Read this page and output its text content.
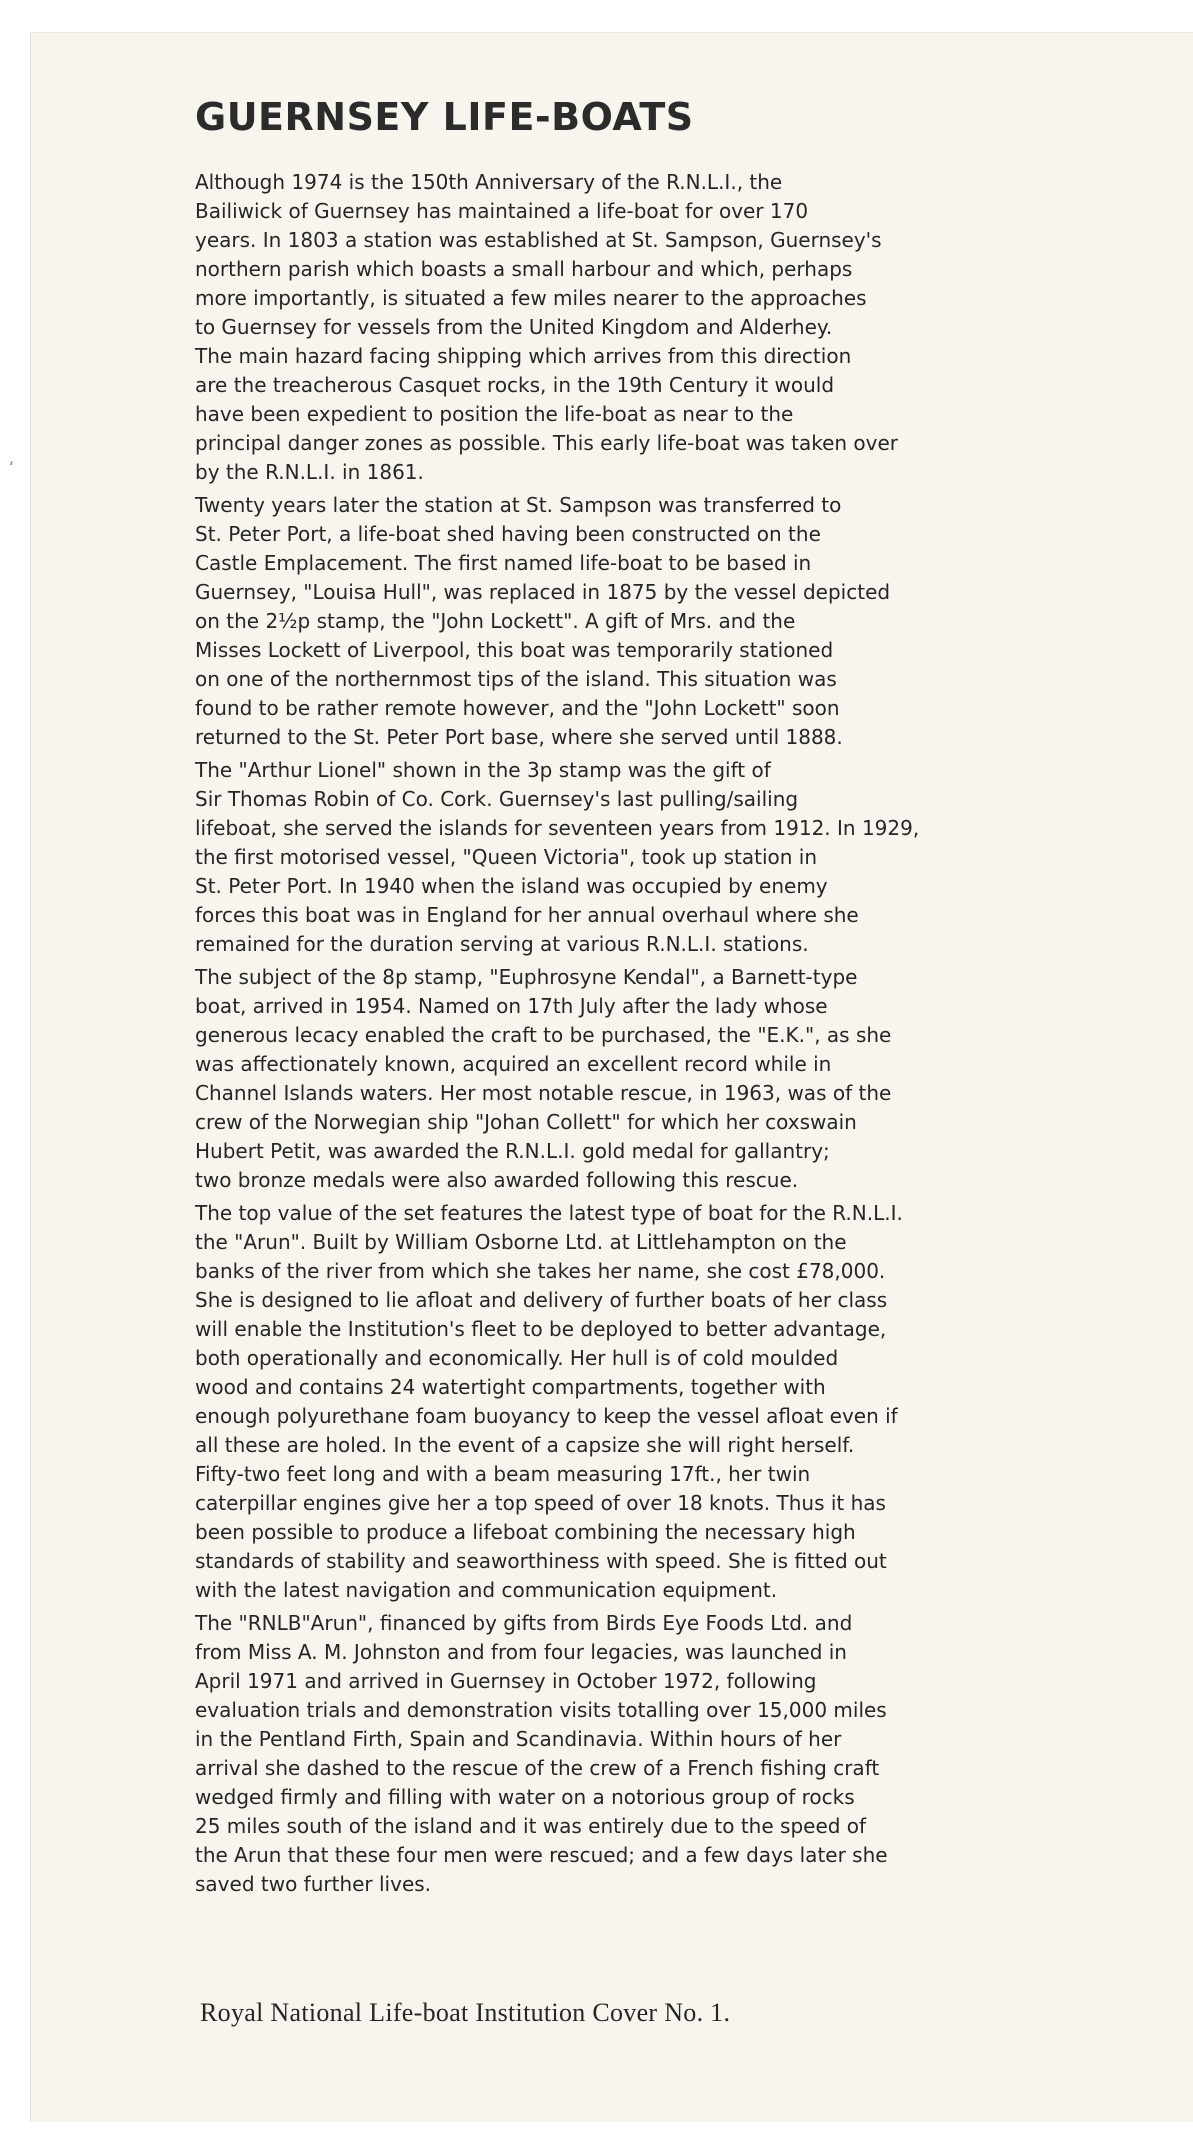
ʻ
GUERNSEY LIFE-BOATS

Although 1974 is the 150th Anniversary of the R.N.L.I., the
Bailiwick of Guernsey has maintained a life-boat for over 170
years. In 1803 a station was established at St. Sampson, Guernsey's
northern parish which boasts a small harbour and which, perhaps
more importantly, is situated a few miles nearer to the approaches
to Guernsey for vessels from the United Kingdom and Alderhey.
The main hazard facing shipping which arrives from this direction
are the treacherous Casquet rocks, in the 19th Century it would
have been expedient to position the life-boat as near to the
principal danger zones as possible. This early life-boat was taken over
by the R.N.L.I. in 1861.

Twenty years later the station at St. Sampson was transferred to
St. Peter Port, a life-boat shed having been constructed on the
Castle Emplacement. The first named life-boat to be based in
Guernsey, "Louisa Hull", was replaced in 1875 by the vessel depicted
on the 2½p stamp, the "John Lockett". A gift of Mrs. and the
Misses Lockett of Liverpool, this boat was temporarily stationed
on one of the northernmost tips of the island. This situation was
found to be rather remote however, and the "John Lockett" soon
returned to the St. Peter Port base, where she served until 1888.

The "Arthur Lionel" shown in the 3p stamp was the gift of
Sir Thomas Robin of Co. Cork. Guernsey's last pulling/sailing
lifeboat, she served the islands for seventeen years from 1912. In 1929,
the first motorised vessel, "Queen Victoria", took up station in
St. Peter Port. In 1940 when the island was occupied by enemy
forces this boat was in England for her annual overhaul where she
remained for the duration serving at various R.N.L.I. stations.

The subject of the 8p stamp, "Euphrosyne Kendal", a Barnett-type
boat, arrived in 1954. Named on 17th July after the lady whose
generous lecacy enabled the craft to be purchased, the "E.K.", as she
was affectionately known, acquired an excellent record while in
Channel Islands waters. Her most notable rescue, in 1963, was of the
crew of the Norwegian ship "Johan Collett" for which her coxswain
Hubert Petit, was awarded the R.N.L.I. gold medal for gallantry;
two bronze medals were also awarded following this rescue.

The top value of the set features the latest type of boat for the R.N.L.I.
the "Arun". Built by William Osborne Ltd. at Littlehampton on the
banks of the river from which she takes her name, she cost £78,000.
She is designed to lie afloat and delivery of further boats of her class
will enable the Institution's fleet to be deployed to better advantage,
both operationally and economically. Her hull is of cold moulded
wood and contains 24 watertight compartments, together with
enough polyurethane foam buoyancy to keep the vessel afloat even if
all these are holed. In the event of a capsize she will right herself.
Fifty-two feet long and with a beam measuring 17ft., her twin
caterpillar engines give her a top speed of over 18 knots. Thus it has
been possible to produce a lifeboat combining the necessary high
standards of stability and seaworthiness with speed. She is fitted out
with the latest navigation and communication equipment.

The "RNLB"Arun", financed by gifts from Birds Eye Foods Ltd. and
from Miss A. M. Johnston and from four legacies, was launched in
April 1971 and arrived in Guernsey in October 1972, following
evaluation trials and demonstration visits totalling over 15,000 miles
in the Pentland Firth, Spain and Scandinavia. Within hours of her
arrival she dashed to the rescue of the crew of a French fishing craft
wedged firmly and filling with water on a notorious group of rocks
25 miles south of the island and it was entirely due to the speed of
the Arun that these four men were rescued; and a few days later she
saved two further lives.

Royal National Life-boat Institution Cover No. 1.
